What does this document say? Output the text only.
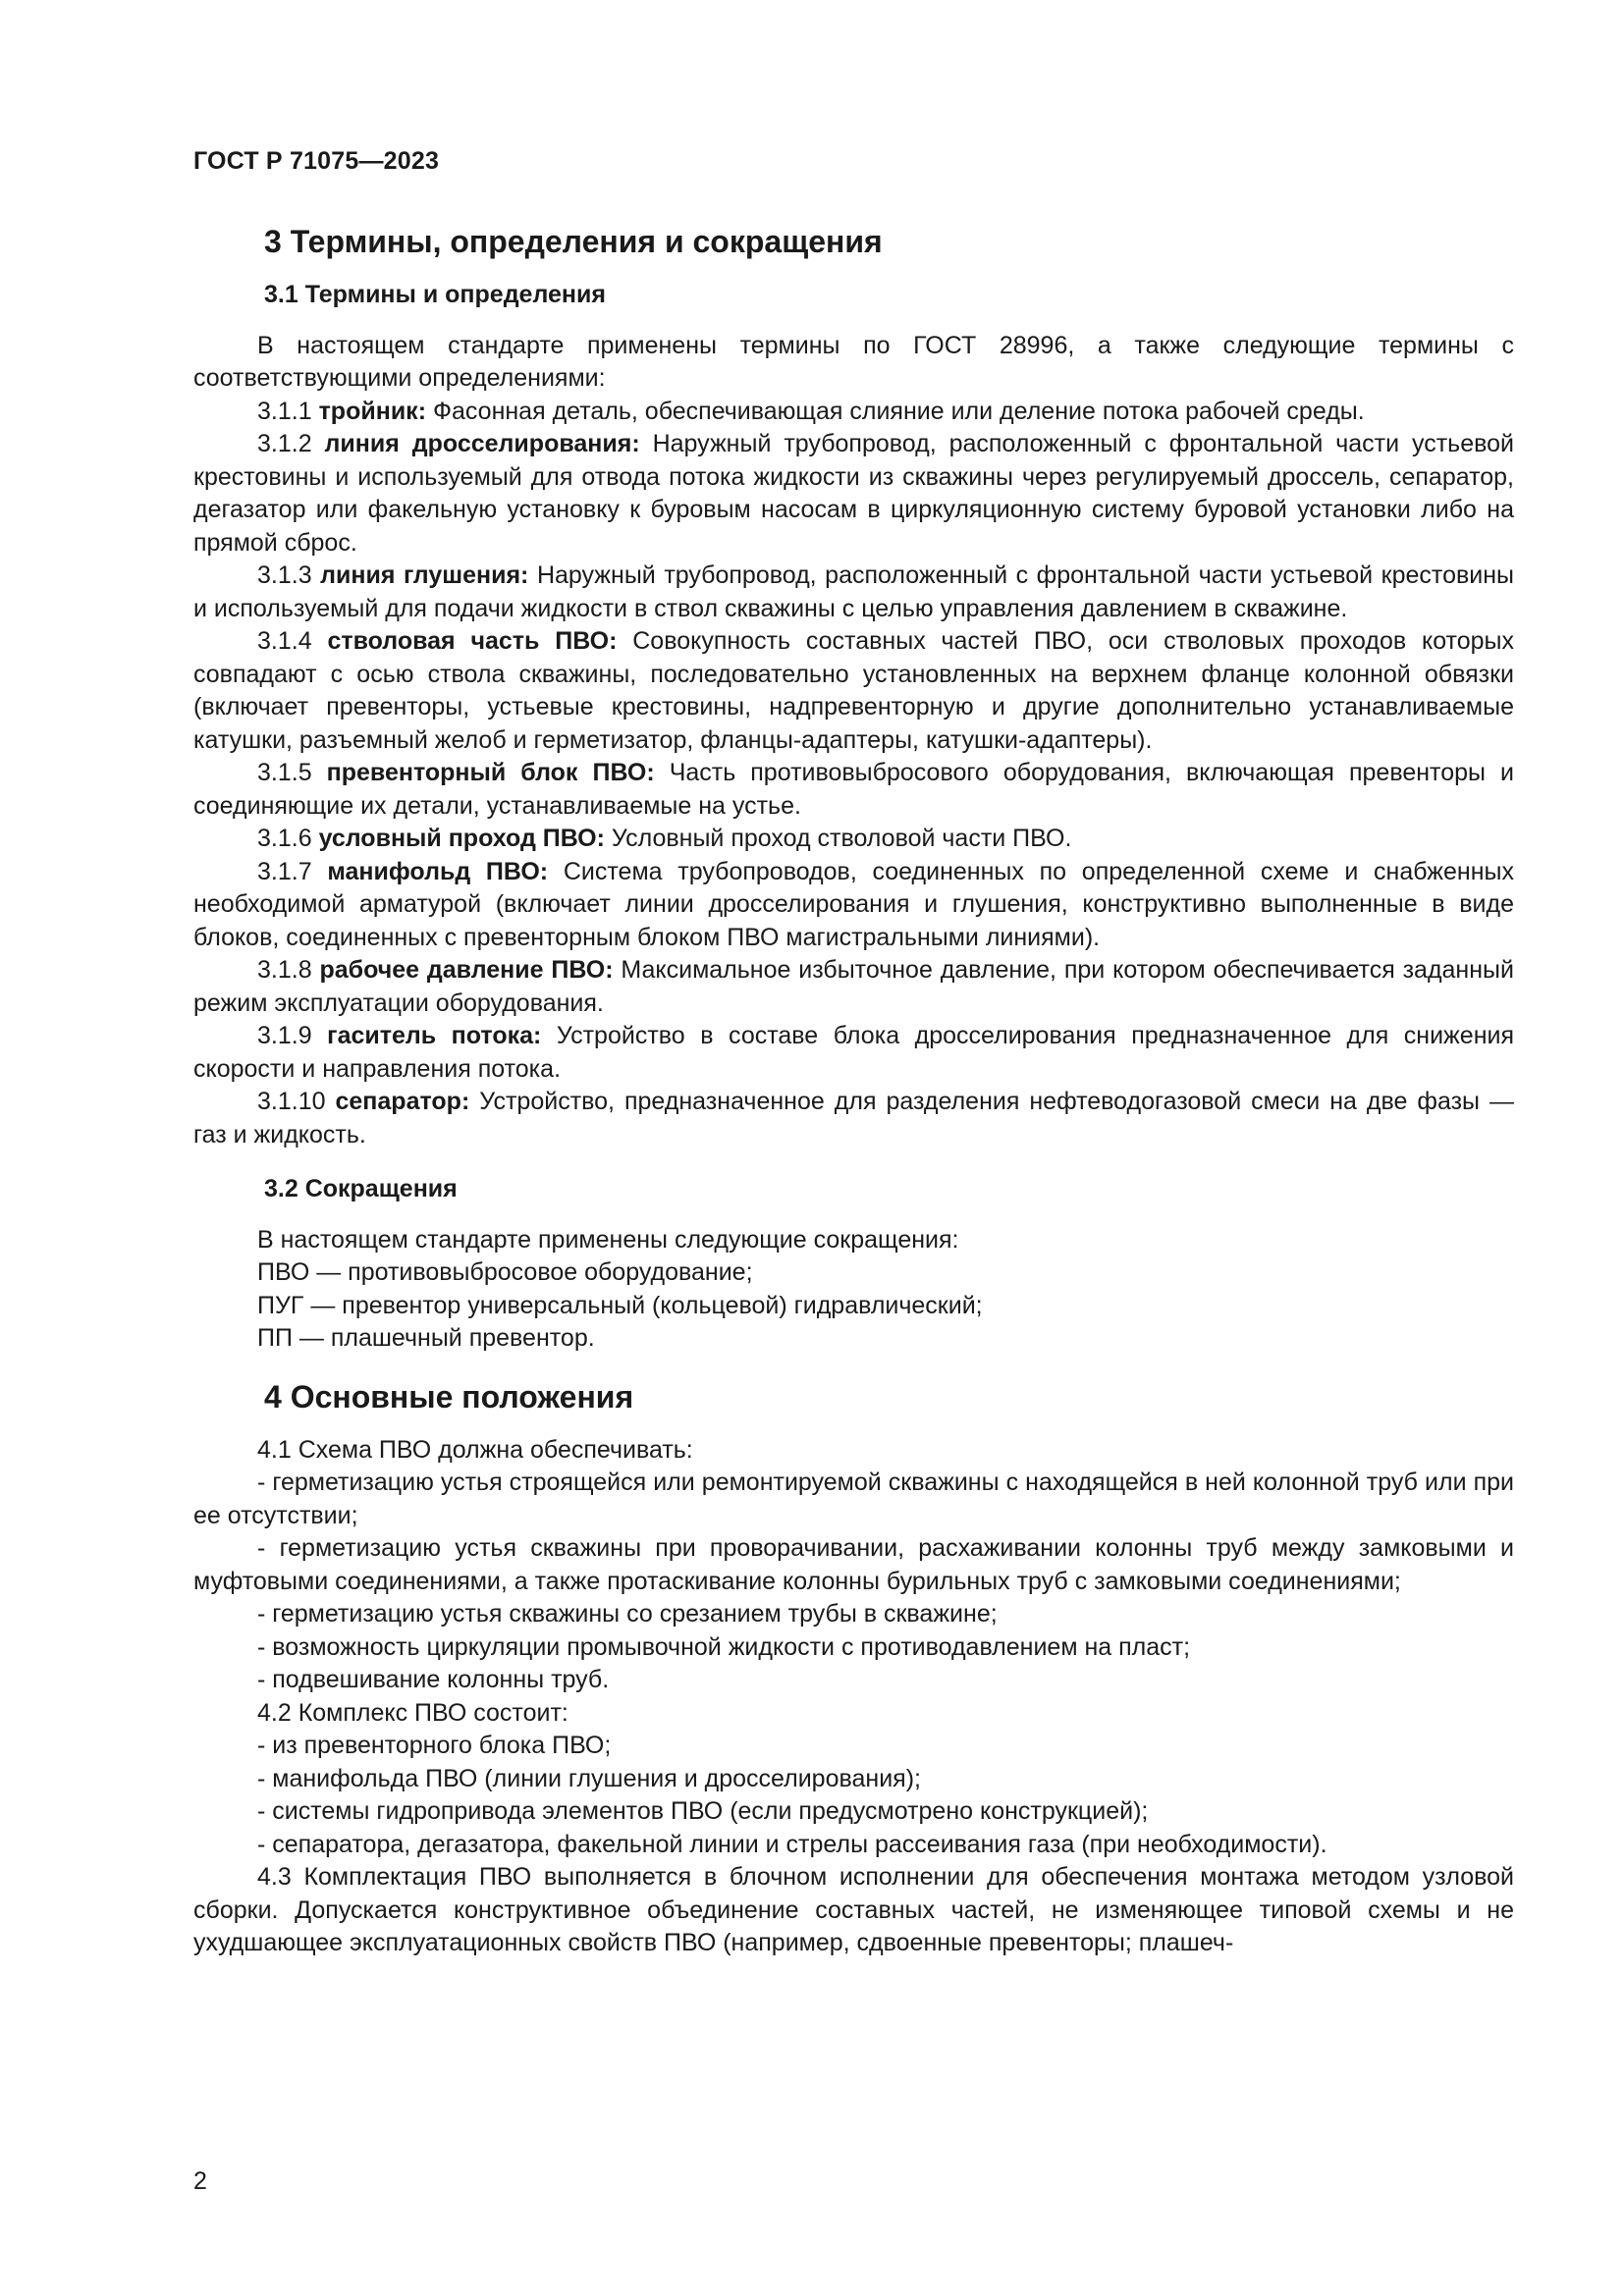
ГОСТ Р 71075—2023
3 Термины, определения и сокращения
3.1 Термины и определения

В настоящем стандарте применены термины по ГОСТ 28996, а также следующие термины с соответствующими определениями:

3.1.1 тройник: Фасонная деталь, обеспечивающая слияние или деление потока рабочей среды.

3.1.2 линия дросселирования: Наружный трубопровод, расположенный с фронтальной части устьевой крестовины и используемый для отвода потока жидкости из скважины через регулируемый дроссель, сепаратор, дегазатор или факельную установку к буровым насосам в циркуляционную систему буровой установки либо на прямой сброс.

3.1.3 линия глушения: Наружный трубопровод, расположенный с фронтальной части устьевой крестовины и используемый для подачи жидкости в ствол скважины с целью управления давлением в скважине.

3.1.4 стволовая часть ПВО: Совокупность составных частей ПВО, оси стволовых проходов которых совпадают с осью ствола скважины, последовательно установленных на верхнем фланце колонной обвязки (включает превенторы, устьевые крестовины, надпревенторную и другие дополнительно устанавливаемые катушки, разъемный желоб и герметизатор, фланцы-адаптеры, катушки-адаптеры).

3.1.5 превенторный блок ПВО: Часть противовыбросового оборудования, включающая превенторы и соединяющие их детали, устанавливаемые на устье.

3.1.6 условный проход ПВО: Условный проход стволовой части ПВО.

3.1.7 манифольд ПВО: Система трубопроводов, соединенных по определенной схеме и снабженных необходимой арматурой (включает линии дросселирования и глушения, конструктивно выполненные в виде блоков, соединенных с превенторным блоком ПВО магистральными линиями).

3.1.8 рабочее давление ПВО: Максимальное избыточное давление, при котором обеспечивается заданный режим эксплуатации оборудования.

3.1.9 гаситель потока: Устройство в составе блока дросселирования предназначенное для снижения скорости и направления потока.

3.1.10 сепаратор: Устройство, предназначенное для разделения нефтеводогазовой смеси на две фазы — газ и жидкость.

3.2 Сокращения

В настоящем стандарте применены следующие сокращения:

ПВО — противовыбросовое оборудование;

ПУГ — превентор универсальный (кольцевой) гидравлический;

ПП — плашечный превентор.

4 Основные положения

4.1 Схема ПВО должна обеспечивать:

- герметизацию устья строящейся или ремонтируемой скважины с находящейся в ней колонной труб или при ее отсутствии;

- герметизацию устья скважины при проворачивании, расхаживании колонны труб между замковыми и муфтовыми соединениями, а также протаскивание колонны бурильных труб с замковыми соединениями;

- герметизацию устья скважины со срезанием трубы в скважине;

- возможность циркуляции промывочной жидкости с противодавлением на пласт;

- подвешивание колонны труб.

4.2 Комплекс ПВО состоит:

- из превенторного блока ПВО;

- манифольда ПВО (линии глушения и дросселирования);

- системы гидропривода элементов ПВО (если предусмотрено конструкцией);

- сепаратора, дегазатора, факельной линии и стрелы рассеивания газа (при необходимости).

4.3 Комплектация ПВО выполняется в блочном исполнении для обеспечения монтажа методом узловой сборки. Допускается конструктивное объединение составных частей, не изменяющее типовой схемы и не ухудшающее эксплуатационных свойств ПВО (например, сдвоенные превенторы; плашеч-

2
